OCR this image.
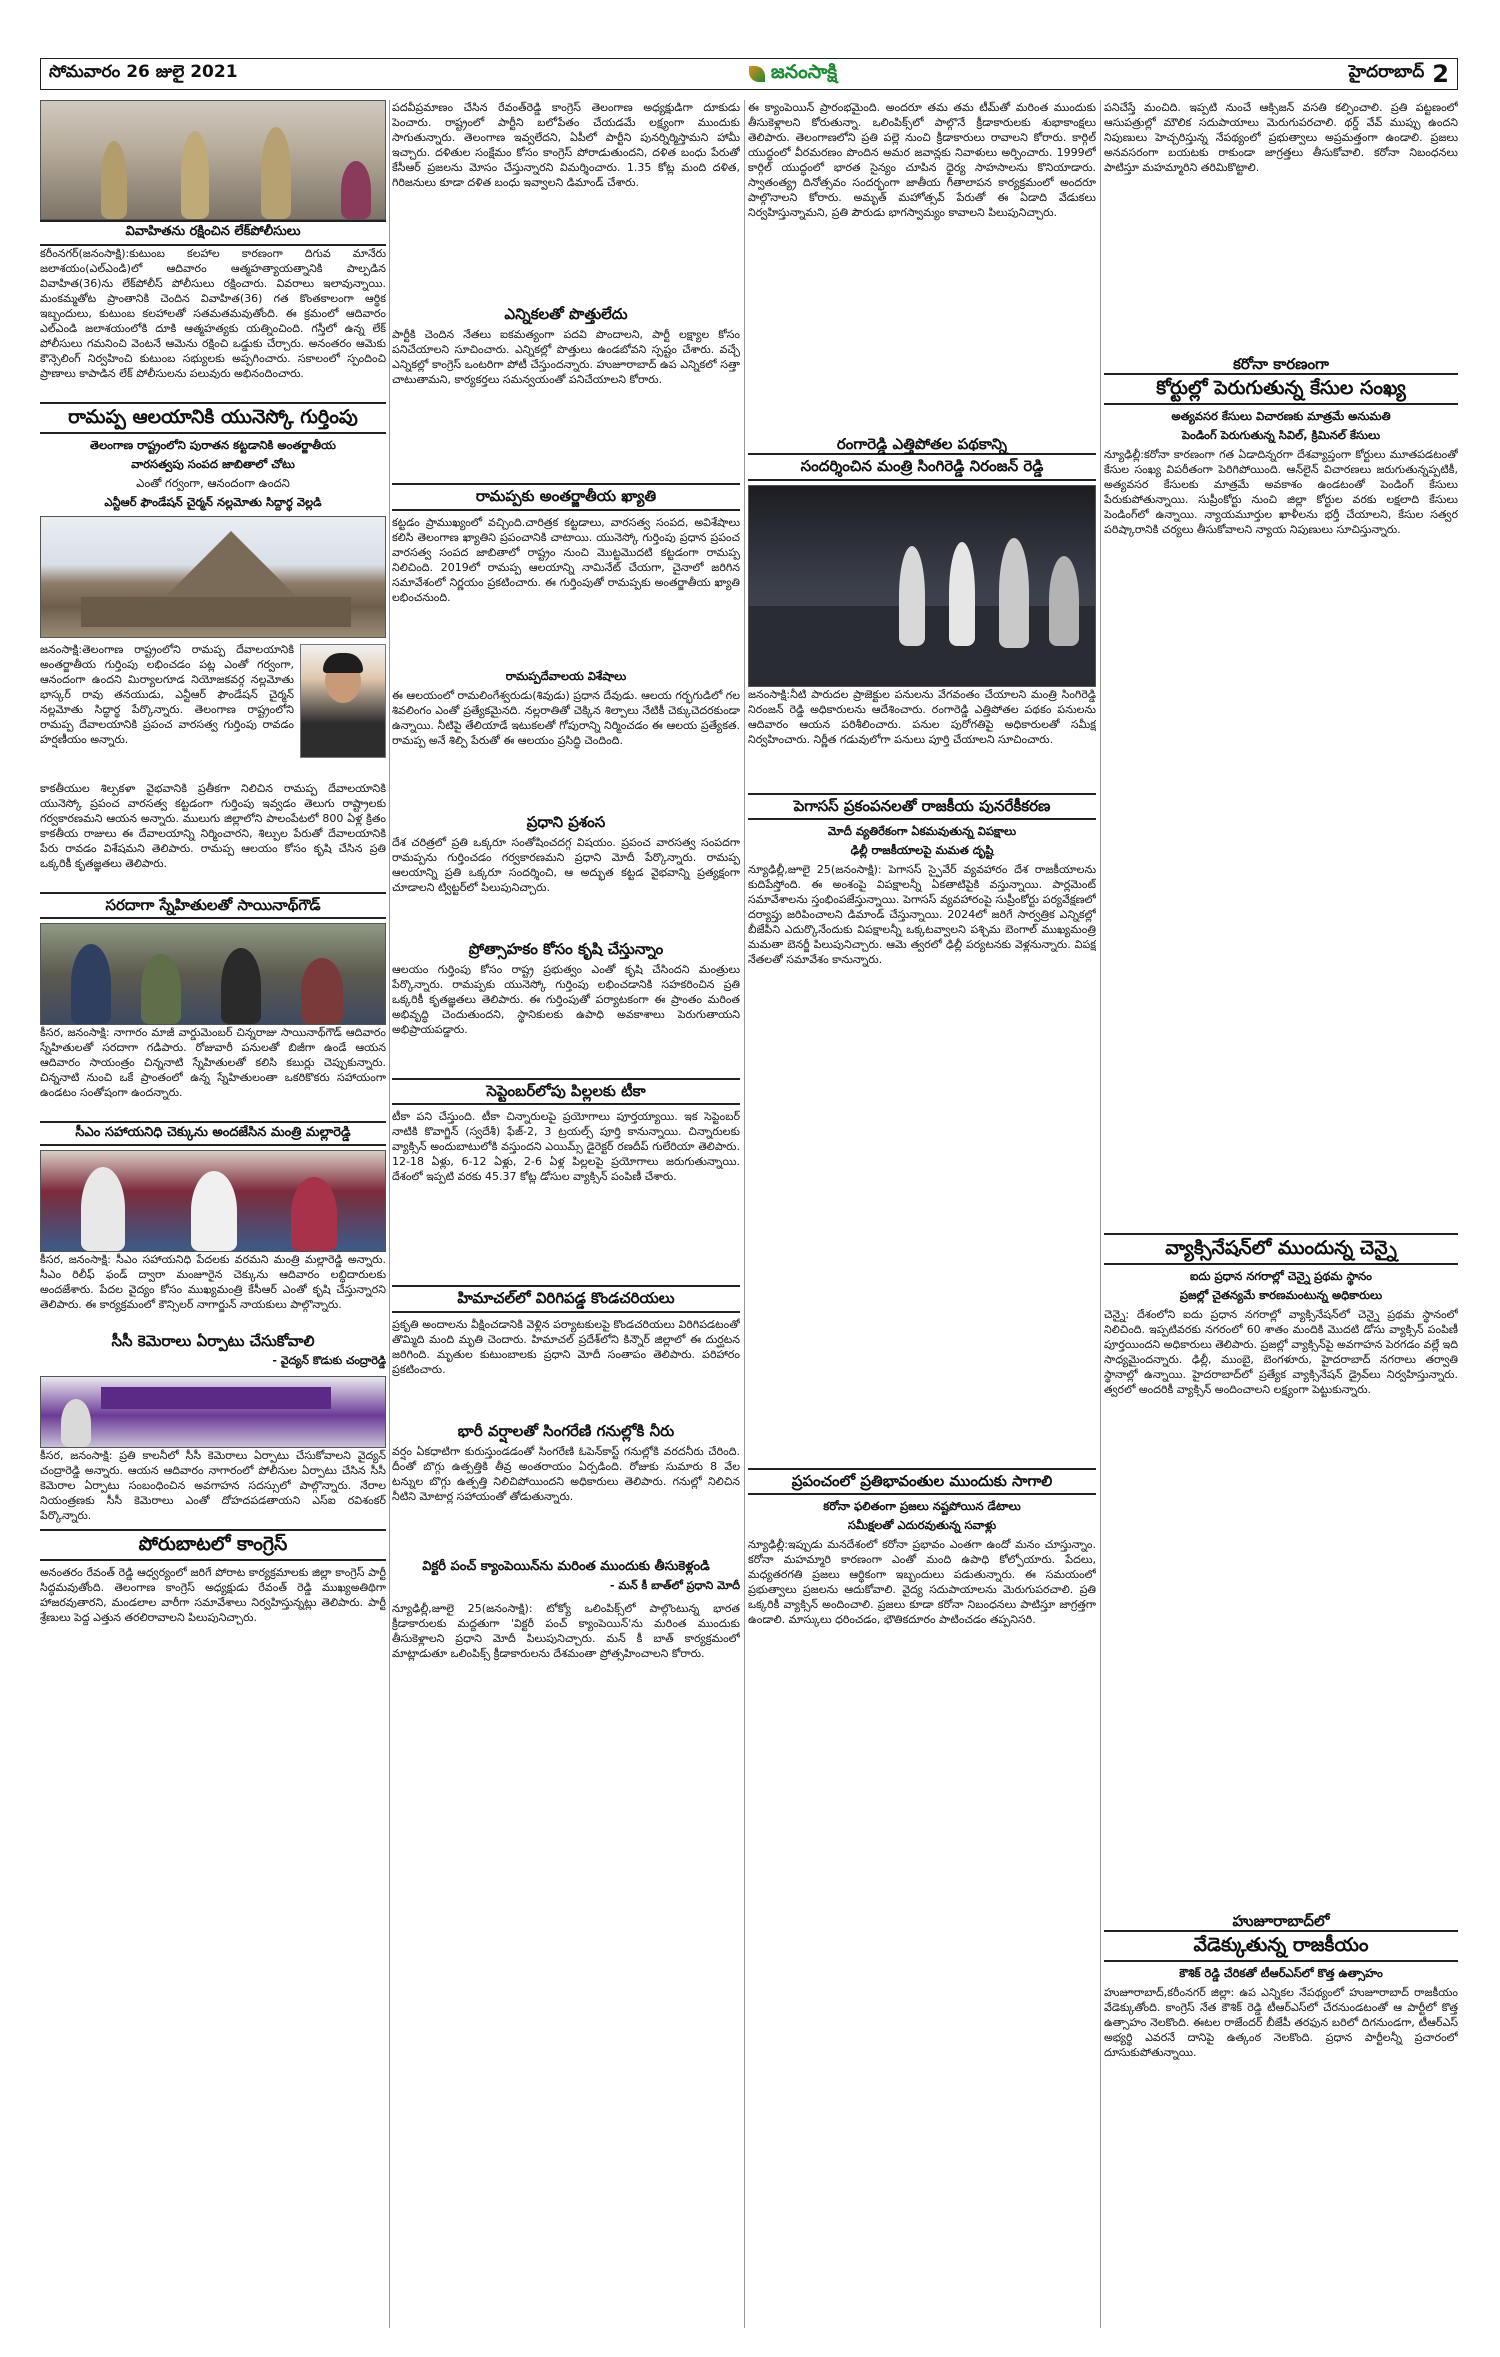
సోమవారం 26 జులై 2021	జనంసాక్షి	హైదరాబాద్ 2
వివాహితను రక్షించిన లేక్‌పోలీసులు

కరీంనగర్(జనంసాక్షి):కుటుంబ కలహాల కారణంగా దిగువ మానేరు జలాశయం(ఎల్‌ఎండి)లో ఆదివారం ఆత్మహత్యాయత్నానికి పాల్పడిన వివాహిత(36)ను లేక్‌పోలీస్‌ పోలీసులు రక్షించారు. వివరాలు ఇలావున్నాయి. మంకమ్మతోట ప్రాంతానికి చెందిన వివాహిత(36) గత కొంతకాలంగా ఆర్థిక ఇబ్బందులు, కుటుంబ కలహాలతో సతమతమవుతోంది. ఈ క్రమంలో ఆదివారం ఎల్‌ఎండి జలాశయంలోకి దూకి ఆత్మహత్యకు యత్నించింది. గస్తీలో ఉన్న లేక్‌ పోలీసులు గమనించి వెంటనే ఆమెను రక్షించి ఒడ్డుకు చేర్చారు. అనంతరం ఆమెకు కౌన్సెలింగ్‌ నిర్వహించి కుటుంబ సభ్యులకు అప్పగించారు. సకాలంలో స్పందించి ప్రాణాలు కాపాడిన లేక్‌ పోలీసులను పలువురు అభినందించారు.

రామప్ప ఆలయానికి యునెస్కో గుర్తింపు
తెలంగాణ రాష్ట్రంలోని పురాతన కట్టడానికి అంతర్జాతీయ
వారసత్వపు సంపద జాబితాలో చోటు
ఎంతో గర్వంగా, ఆనందంగా ఉందని
ఎన్టీఆర్‌ ఫౌండేషన్‌ చైర్మన్‌ నల్లమోతు సిద్దార్థ వెల్లడి

జనంసాక్షి:తెలంగాణ రాష్ట్రంలోని రామప్ప దేవాలయానికి అంతర్జాతీయ గుర్తింపు లభించడం పట్ల ఎంతో గర్వంగా, ఆనందంగా ఉందని మిర్యాలగూడ నియోజకవర్గ నల్లమోతు భాస్కర్‌ రావు తనయుడు, ఎన్టీఆర్‌ ఫౌండేషన్‌ చైర్మన్‌ నల్లమోతు సిద్ధార్థ పేర్కొన్నారు. తెలంగాణ రాష్ట్రంలోని రామప్ప దేవాలయానికి ప్రపంచ వారసత్వ గుర్తింపు రావడం హర్షణీయం అన్నారు.

కాకతీయుల శిల్పకళా వైభవానికి ప్రతీకగా నిలిచిన రామప్ప దేవాలయానికి యునెస్కో ప్రపంచ వారసత్వ కట్టడంగా గుర్తింపు ఇవ్వడం తెలుగు రాష్ట్రాలకు గర్వకారణమని ఆయన అన్నారు. ములుగు జిల్లాలోని పాలంపేటలో 800 ఏళ్ల క్రితం కాకతీయ రాజులు ఈ దేవాలయాన్ని నిర్మించారని, శిల్పుల పేరుతో దేవాలయానికి పేరు రావడం విశేషమని తెలిపారు. రామప్ప ఆలయం కోసం కృషి చేసిన ప్రతి ఒక్కరికీ కృతజ్ఞతలు తెలిపారు.

సరదాగా స్నేహితులతో సాయినాథ్‌గౌడ్‌

కీసర, జనంసాక్షి: నాగారం మాజీ వార్డుమెంబర్‌ చిన్నరాజు సాయినాథ్‌గౌడ్‌ ఆదివారం స్నేహితులతో సరదాగా గడిపారు. రోజువారీ పనులతో బిజీగా ఉండే ఆయన ఆదివారం సాయంత్రం చిన్ననాటి స్నేహితులతో కలిసి కబుర్లు చెప్పుకున్నారు. చిన్ననాటి నుంచి ఒకే ప్రాంతంలో ఉన్న స్నేహితులంతా ఒకరికొకరు సహాయంగా ఉండటం సంతోషంగా ఉందన్నారు.

సీఎం సహాయనిధి చెక్కును అందజేసిన మంత్రి మల్లారెడ్డి

కీసర, జనంసాక్షి: సీఎం సహాయనిధి పేదలకు వరమని మంత్రి మల్లారెడ్డి అన్నారు. సీఎం రిలీఫ్‌ ఫండ్‌ ద్వారా మంజూరైన చెక్కును ఆదివారం లబ్ధిదారులకు అందజేశారు. పేదల వైద్యం కోసం ముఖ్యమంత్రి కేసీఆర్‌ ఎంతో కృషి చేస్తున్నారని తెలిపారు. ఈ కార్యక్రమంలో కౌన్సిలర్‌ నాగార్జున్‌ నాయకులు పాల్గొన్నారు.

సీసీ కెమెరాలు ఏర్పాటు చేసుకోవాలి
- వైద్యన్‌ కొడుకు చంద్రారెడ్డి

కీసర, జనంసాక్షి: ప్రతి కాలనీలో సీసీ కెమెరాలు ఏర్పాటు చేసుకోవాలని వైద్యన్‌ చంద్రారెడ్డి అన్నారు. ఆయన ఆదివారం నాగారంలో పోలీసుల ఏర్పాటు చేసిన సీసీ కెమెరాల ఏర్పాటు సంబంధించిన అవగాహన సదస్సులో పాల్గొన్నారు. నేరాల నియంత్రణకు సీసీ కెమెరాలు ఎంతో దోహదపడతాయని ఎస్‌ఐ రవిశంకర్‌ పేర్కొన్నారు.

పోరుబాటలో కాంగ్రెస్‌

అనంతరం రేవంత్‌ రెడ్డి ఆధ్వర్యంలో జరిగే పోరాట కార్యక్రమాలకు జిల్లా కాంగ్రెస్‌ పార్టీ సిద్ధమవుతోంది. తెలంగాణ కాంగ్రెస్‌ అధ్యక్షుడు రేవంత్‌ రెడ్డి ముఖ్యఅతిథిగా హాజరవుతారని, మండలాల వారీగా సమావేశాలు నిర్వహిస్తున్నట్లు తెలిపారు. పార్టీ శ్రేణులు పెద్ద ఎత్తున తరలిరావాలని పిలుపునిచ్చారు.

పదవీప్రమాణం చేసిన రేవంత్‌రెడ్డి కాంగ్రెస్‌ తెలంగాణ అధ్యక్షుడిగా దూకుడు పెంచారు. రాష్ట్రంలో పార్టీని బలోపేతం చేయడమే లక్ష్యంగా ముందుకు సాగుతున్నారు. తెలంగాణ ఇవ్వలేదని, ఏపీలో పార్టీని పునర్నిర్మిస్తామని హామీ ఇచ్చారు. దళితుల సంక్షేమం కోసం కాంగ్రెస్‌ పోరాడుతుందని, దళిత బంధు పేరుతో కేసీఆర్‌ ప్రజలను మోసం చేస్తున్నారని విమర్శించారు. 1.35 కోట్ల మంది దళిత, గిరిజనులు కూడా దళిత బంధు ఇవ్వాలని డిమాండ్‌ చేశారు.

ఎన్నికలతో పొత్తులేదు

పార్టీకి చెందిన నేతలు ఐకమత్యంగా పదవి పొందాలని, పార్టీ లక్ష్యాల కోసం పనిచేయాలని సూచించారు. ఎన్నికల్లో పొత్తులు ఉండబోవని స్పష్టం చేశారు. వచ్చే ఎన్నికల్లో కాంగ్రెస్‌ ఒంటరిగా పోటీ చేస్తుందన్నారు. హుజూరాబాద్‌ ఉప ఎన్నికలో సత్తా చాటుతామని, కార్యకర్తలు సమన్వయంతో పనిచేయాలని కోరారు.

రామప్పకు అంతర్జాతీయ ఖ్యాతి

కట్టడం ప్రాముఖ్యంలో వచ్చింది.చారిత్రక కట్టడాలు, వారసత్వ సంపద, అవిశేషాలు కలిసి తెలంగాణ ఖ్యాతిని ప్రపంచానికి చాటాయి. యునెస్కో గుర్తింపు ప్రధాన ప్రపంచ వారసత్వ సంపద జాబితాలో రాష్ట్రం నుంచి మొట్టమొదటి కట్టడంగా రామప్ప నిలిచింది. 2019లో రామప్ప ఆలయాన్ని నామినేట్‌ చేయగా, చైనాలో జరిగిన సమావేశంలో నిర్ణయం ప్రకటించారు. ఈ గుర్తింపుతో రామప్పకు అంతర్జాతీయ ఖ్యాతి లభించనుంది.

రామప్పదేవాలయ విశేషాలు

ఈ ఆలయంలో రామలింగేశ్వరుడు(శివుడు) ప్రధాన దేవుడు. ఆలయ గర్భగుడిలో గల శివలింగం ఎంతో ప్రత్యేకమైనది. నల్లరాతితో చెక్కిన శిల్పాలు నేటికీ చెక్కుచెదరకుండా ఉన్నాయి. నీటిపై తేలియాడే ఇటుకలతో గోపురాన్ని నిర్మించడం ఈ ఆలయ ప్రత్యేకత. రామప్ప అనే శిల్పి పేరుతో ఈ ఆలయం ప్రసిద్ధి చెందింది.

ప్రధాని ప్రశంస

దేశ చరిత్రలో ప్రతి ఒక్కరూ సంతోషించదగ్గ విషయం. ప్రపంచ వారసత్వ సంపదగా రామప్పను గుర్తించడం గర్వకారణమని ప్రధాని మోదీ పేర్కొన్నారు. రామప్ప ఆలయాన్ని ప్రతి ఒక్కరూ సందర్శించి, ఆ అద్భుత కట్టడ వైభవాన్ని ప్రత్యక్షంగా చూడాలని ట్విట్టర్‌లో పిలుపునిచ్చారు.

ప్రోత్సాహకం కోసం కృషి చేస్తున్నాం

ఆలయం గుర్తింపు కోసం రాష్ట్ర ప్రభుత్వం ఎంతో కృషి చేసిందని మంత్రులు పేర్కొన్నారు. రామప్పకు యునెస్కో గుర్తింపు లభించడానికి సహకరించిన ప్రతి ఒక్కరికీ కృతజ్ఞతలు తెలిపారు. ఈ గుర్తింపుతో పర్యాటకంగా ఈ ప్రాంతం మరింత అభివృద్ధి చెందుతుందని, స్థానికులకు ఉపాధి అవకాశాలు పెరుగుతాయని అభిప్రాయపడ్డారు.

సెప్టెంబర్‌లోపు పిల్లలకు టీకా

టీకా పని చేస్తుంది. టీకా చిన్నారులపై ప్రయోగాలు పూర్తయ్యాయి. ఇక సెప్టెంబర్‌ నాటికి కొవాగ్జిన్‌ (స్వదేశీ) ఫేజ్‌-2, 3 ట్రయల్స్‌ పూర్తి కానున్నాయి. చిన్నారులకు వ్యాక్సిన్‌ అందుబాటులోకి వస్తుందని ఎయిమ్స్‌ డైరెక్టర్‌ రణదీప్‌ గులేరియా తెలిపారు. 12-18 ఏళ్లు, 6-12 ఏళ్లు, 2-6 ఏళ్ల పిల్లలపై ప్రయోగాలు జరుగుతున్నాయి. దేశంలో ఇప్పటి వరకు 45.37 కోట్ల డోసుల వ్యాక్సిన్‌ పంపిణీ చేశారు.

హిమాచల్‌లో విరిగిపడ్డ కొండచరియలు

ప్రకృతి అందాలను వీక్షించడానికి వెళ్లిన పర్యాటకులపై కొండచరియలు విరిగిపడటంతో తొమ్మిది మంది మృతి చెందారు. హిమాచల్‌ ప్రదేశ్‌లోని కిన్నౌర్‌ జిల్లాలో ఈ దుర్ఘటన జరిగింది. మృతుల కుటుంబాలకు ప్రధాని మోదీ సంతాపం తెలిపారు. పరిహారం ప్రకటించారు.

భారీ వర్షాలతో సింగరేణి గనుల్లోకి నీరు

వర్షం ఏకధాటిగా కురుస్తుండడంతో సింగరేణి ఓపెన్‌కాస్ట్‌ గనుల్లోకి వరదనీరు చేరింది. దీంతో బొగ్గు ఉత్పత్తికి తీవ్ర అంతరాయం ఏర్పడింది. రోజుకు సుమారు 8 వేల టన్నుల బొగ్గు ఉత్పత్తి నిలిచిపోయిందని అధికారులు తెలిపారు. గనుల్లో నిలిచిన నీటిని మోటార్ల సహాయంతో తోడుతున్నారు.

విక్టరీ పంచ్‌ క్యాంపెయిన్‌ను మరింత ముందుకు తీసుకెళ్లండి
- మన్‌ కీ బాత్‌లో ప్రధాని మోదీ

న్యూఢిల్లీ,జూలై 25(జనంసాక్షి): టోక్యో ఒలింపిక్స్‌లో పాల్గొంటున్న భారత క్రీడాకారులకు మద్దతుగా 'విక్టరీ పంచ్‌ క్యాంపెయిన్‌'ను మరింత ముందుకు తీసుకెళ్లాలని ప్రధాని మోదీ పిలుపునిచ్చారు. మన్‌ కీ బాత్‌ కార్యక్రమంలో మాట్లాడుతూ ఒలింపిక్స్‌ క్రీడాకారులను దేశమంతా ప్రోత్సహించాలని కోరారు.

ఈ క్యాంపెయిన్‌ ప్రారంభమైంది. అందరూ తమ తమ టీమ్‌తో మరింత ముందుకు తీసుకెళ్లాలని కోరుతున్నా. ఒలింపిక్స్‌లో పాల్గొనే క్రీడాకారులకు శుభాకాంక్షలు తెలిపారు. తెలంగాణలోని ప్రతి పల్లె నుంచి క్రీడాకారులు రావాలని కోరారు. కార్గిల్‌ యుద్ధంలో వీరమరణం పొందిన అమర జవాన్లకు నివాళులు అర్పించారు. 1999లో కార్గిల్‌ యుద్ధంలో భారత సైన్యం చూపిన ధైర్య సాహసాలను కొనియాడారు. స్వాతంత్య్ర దినోత్సవం సందర్భంగా జాతీయ గీతాలాపన కార్యక్రమంలో అందరూ పాల్గొనాలని కోరారు. అమృత్‌ మహోత్సవ్‌ పేరుతో ఈ ఏడాది వేడుకలు నిర్వహిస్తున్నామని, ప్రతి పౌరుడు భాగస్వామ్యం కావాలని పిలుపునిచ్చారు.

రంగారెడ్డి ఎత్తిపోతల పథకాన్ని
సందర్శించిన మంత్రి సింగిరెడ్డి నిరంజన్‌ రెడ్డి

జనంసాక్షి:నీటి పారుదల ప్రాజెక్టుల పనులను వేగవంతం చేయాలని మంత్రి సింగిరెడ్డి నిరంజన్‌ రెడ్డి అధికారులను ఆదేశించారు. రంగారెడ్డి ఎత్తిపోతల పథకం పనులను ఆదివారం ఆయన పరిశీలించారు. పనుల పురోగతిపై అధికారులతో సమీక్ష నిర్వహించారు. నిర్ణీత గడువులోగా పనులు పూర్తి చేయాలని సూచించారు.

పెగాసస్‌ ప్రకంపనలతో రాజకీయ పునరేకీకరణ
మోదీ వ్యతిరేకంగా ఏకమవుతున్న విపక్షాలు
ఢిల్లీ రాజకీయాలపై మమత దృష్టి

న్యూఢిల్లీ,జూలై 25(జనంసాక్షి): పెగాసస్‌ స్పైవేర్‌ వ్యవహారం దేశ రాజకీయాలను కుదిపేస్తోంది. ఈ అంశంపై విపక్షాలన్నీ ఏకతాటిపైకి వస్తున్నాయి. పార్లమెంట్‌ సమావేశాలను స్తంభింపజేస్తున్నాయి. పెగాసస్‌ వ్యవహారంపై సుప్రీంకోర్టు పర్యవేక్షణలో దర్యాప్తు జరిపించాలని డిమాండ్‌ చేస్తున్నాయి. 2024లో జరిగే సార్వత్రిక ఎన్నికల్లో బీజేపీని ఎదుర్కొనేందుకు విపక్షాలన్నీ ఒక్కటవ్వాలని పశ్చిమ బెంగాల్‌ ముఖ్యమంత్రి మమతా బెనర్జీ పిలుపునిచ్చారు. ఆమె త్వరలో ఢిల్లీ పర్యటనకు వెళ్లనున్నారు. విపక్ష నేతలతో సమావేశం కానున్నారు.

ప్రపంచంలో ప్రతిభావంతుల ముందుకు సాగాలి
కరోనా ఫలితంగా ప్రజలు నష్టపోయిన డేటాలు
సమీక్షలతో ఎదురవుతున్న సవాళ్లు

న్యూఢిల్లీ:ఇప్పుడు మనదేశంలో కరోనా ప్రభావం ఎంతగా ఉందో మనం చూస్తున్నాం. కరోనా మహమ్మారి కారణంగా ఎంతో మంది ఉపాధి కోల్పోయారు. పేదలు, మధ్యతరగతి ప్రజలు ఆర్థికంగా ఇబ్బందులు పడుతున్నారు. ఈ సమయంలో ప్రభుత్వాలు ప్రజలను ఆదుకోవాలి. వైద్య సదుపాయాలను మెరుగుపరచాలి. ప్రతి ఒక్కరికీ వ్యాక్సిన్‌ అందించాలి. ప్రజలు కూడా కరోనా నిబంధనలు పాటిస్తూ జాగ్రత్తగా ఉండాలి. మాస్కులు ధరించడం, భౌతికదూరం పాటించడం తప్పనిసరి.

పనిచేస్తే మంచిది. ఇప్పటి నుంచే ఆక్సిజన్‌ వసతి కల్పించాలి. ప్రతి పట్టణంలో ఆసుపత్రుల్లో మౌలిక సదుపాయాలు మెరుగుపరచాలి. థర్డ్‌ వేవ్‌ ముప్పు ఉందని నిపుణులు హెచ్చరిస్తున్న నేపథ్యంలో ప్రభుత్వాలు అప్రమత్తంగా ఉండాలి. ప్రజలు అనవసరంగా బయటకు రాకుండా జాగ్రత్తలు తీసుకోవాలి. కరోనా నిబంధనలు పాటిస్తూ మహమ్మారిని తరిమికొట్టాలి.

కరోనా కారణంగా
కోర్టుల్లో పెరుగుతున్న కేసుల సంఖ్య
అత్యవసర కేసులు విచారణకు మాత్రమే అనుమతి
పెండింగ్‌ పెరుగుతున్న సివిల్‌, క్రిమినల్‌ కేసులు

న్యూఢిల్లీ:కరోనా కారణంగా గత ఏడాదిన్నరగా దేశవ్యాప్తంగా కోర్టులు మూతపడటంతో కేసుల సంఖ్య విపరీతంగా పెరిగిపోయింది. ఆన్‌లైన్‌ విచారణలు జరుగుతున్నప్పటికీ, అత్యవసర కేసులకు మాత్రమే అవకాశం ఉండటంతో పెండింగ్‌ కేసులు పేరుకుపోతున్నాయి. సుప్రీంకోర్టు నుంచి జిల్లా కోర్టుల వరకు లక్షలాది కేసులు పెండింగ్‌లో ఉన్నాయి. న్యాయమూర్తుల ఖాళీలను భర్తీ చేయాలని, కేసుల సత్వర పరిష్కారానికి చర్యలు తీసుకోవాలని న్యాయ నిపుణులు సూచిస్తున్నారు.

వ్యాక్సినేషన్‌లో ముందున్న చెన్నై
ఐదు ప్రధాన నగరాల్లో చెన్నై ప్రథమ స్థానం
ప్రజల్లో చైతన్యమే కారణమంటున్న అధికారులు

చెన్నై: దేశంలోని ఐదు ప్రధాన నగరాల్లో వ్యాక్సినేషన్‌లో చెన్నై ప్రథమ స్థానంలో నిలిచింది. ఇప్పటివరకు నగరంలో 60 శాతం మందికి మొదటి డోసు వ్యాక్సిన్‌ పంపిణీ పూర్తయిందని అధికారులు తెలిపారు. ప్రజల్లో వ్యాక్సిన్‌పై అవగాహన పెరగడం వల్లే ఇది సాధ్యమైందన్నారు. ఢిల్లీ, ముంబై, బెంగళూరు, హైదరాబాద్‌ నగరాలు తర్వాతి స్థానాల్లో ఉన్నాయి. హైదరాబాద్‌లో ప్రత్యేక వ్యాక్సినేషన్‌ డ్రైవ్‌లు నిర్వహిస్తున్నారు. త్వరలో అందరికీ వ్యాక్సిన్‌ అందించాలని లక్ష్యంగా పెట్టుకున్నారు.

హుజూరాబాద్‌లో
వేడెక్కుతున్న రాజకీయం
కౌశిక్‌ రెడ్డి చేరికతో టీఆర్‌ఎస్‌లో కొత్త ఉత్సాహం

హుజూరాబాద్‌,కరీంనగర్‌ జిల్లా: ఉప ఎన్నికల నేపథ్యంలో హుజూరాబాద్‌ రాజకీయం వేడెక్కుతోంది. కాంగ్రెస్‌ నేత కౌశిక్‌ రెడ్డి టీఆర్‌ఎస్‌లో చేరనుండటంతో ఆ పార్టీలో కొత్త ఉత్సాహం నెలకొంది. ఈటల రాజేందర్‌ బీజేపీ తరఫున బరిలో దిగనుండగా, టీఆర్‌ఎస్‌ అభ్యర్థి ఎవరనే దానిపై ఉత్కంఠ నెలకొంది. ప్రధాన పార్టీలన్నీ ప్రచారంలో దూసుకుపోతున్నాయి.
